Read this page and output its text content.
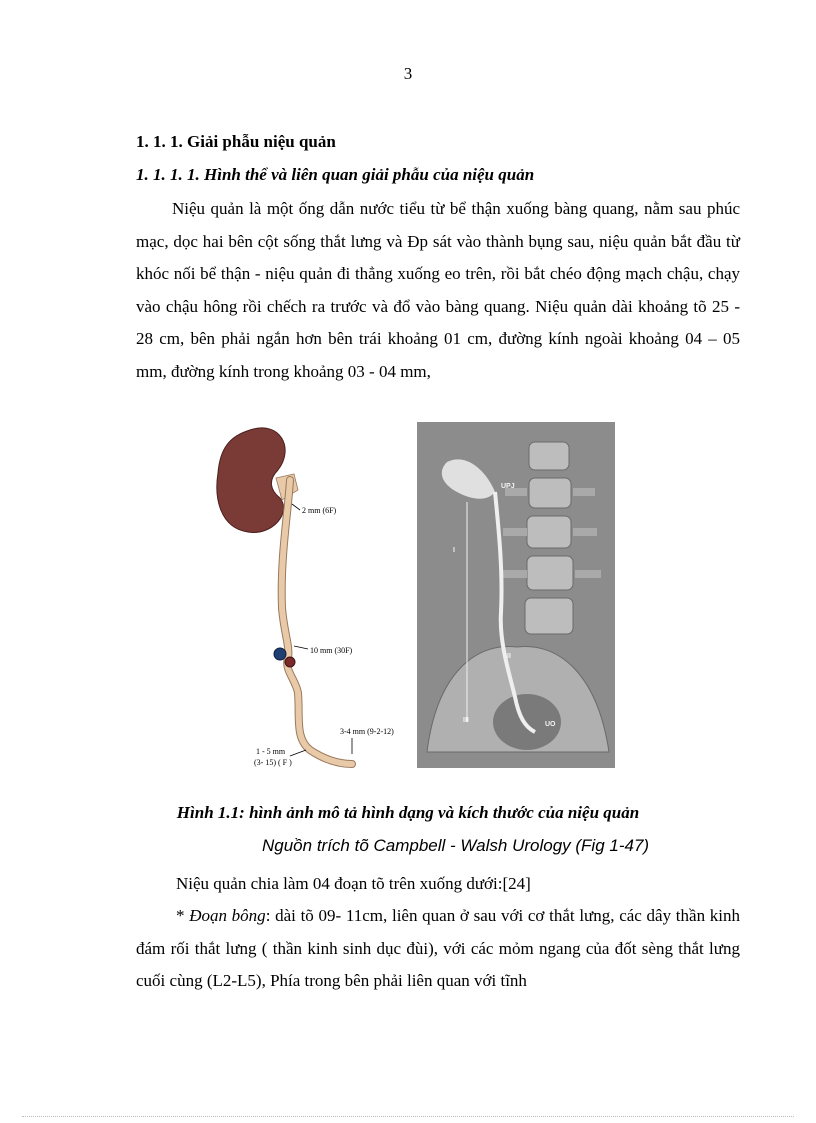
3
1. 1. 1. Giải phẫu niệu quản
1. 1. 1. 1. Hình thể và liên quan giải phẫu của niệu quản

Niệu quản là một ống dẫn nước tiểu từ bể thận xuống bàng quang, nằm sau phúc mạc, dọc hai bên cột sống thắt lưng và Đp sát vào thành bụng sau, niệu quản bắt đầu từ khóc nối bể thận - niệu quản đi thẳng xuống eo trên, rồi bắt chéo động mạch chậu, chạy vào chậu hông rồi chếch ra trước và đổ vào bàng quang. Niệu quản dài khoảng tõ 25 - 28 cm, bên phải ngắn hơn bên trái khoảng 01 cm, đường kính ngoài khoảng 04 – 05 mm, đường kính trong khoảng 03 - 04 mm,

2 mm (6F)
10 mm (30F)
3-4 mm (9-2-12)
1 - 5 mm
(3- 15) ( F )
UPJ
UO
I
II
III
Hình 1.1: hình ảnh mô tả hình dạng và kích thước của niệu quản
Nguồn trích tõ Campbell - Walsh Urology (Fig 1-47)

Niệu quản chia làm 04 đoạn tõ trên xuống dưới:[24]

* Đoạn bông: dài tõ 09- 11cm, liên quan ở sau với cơ thắt lưng, các dây thần kinh đám rối thắt lưng ( thần kinh sinh dục đùi), với các mỏm ngang của đốt sèng thắt lưng cuối cùng (L2-L5), Phía trong bên phải liên quan với tĩnh
